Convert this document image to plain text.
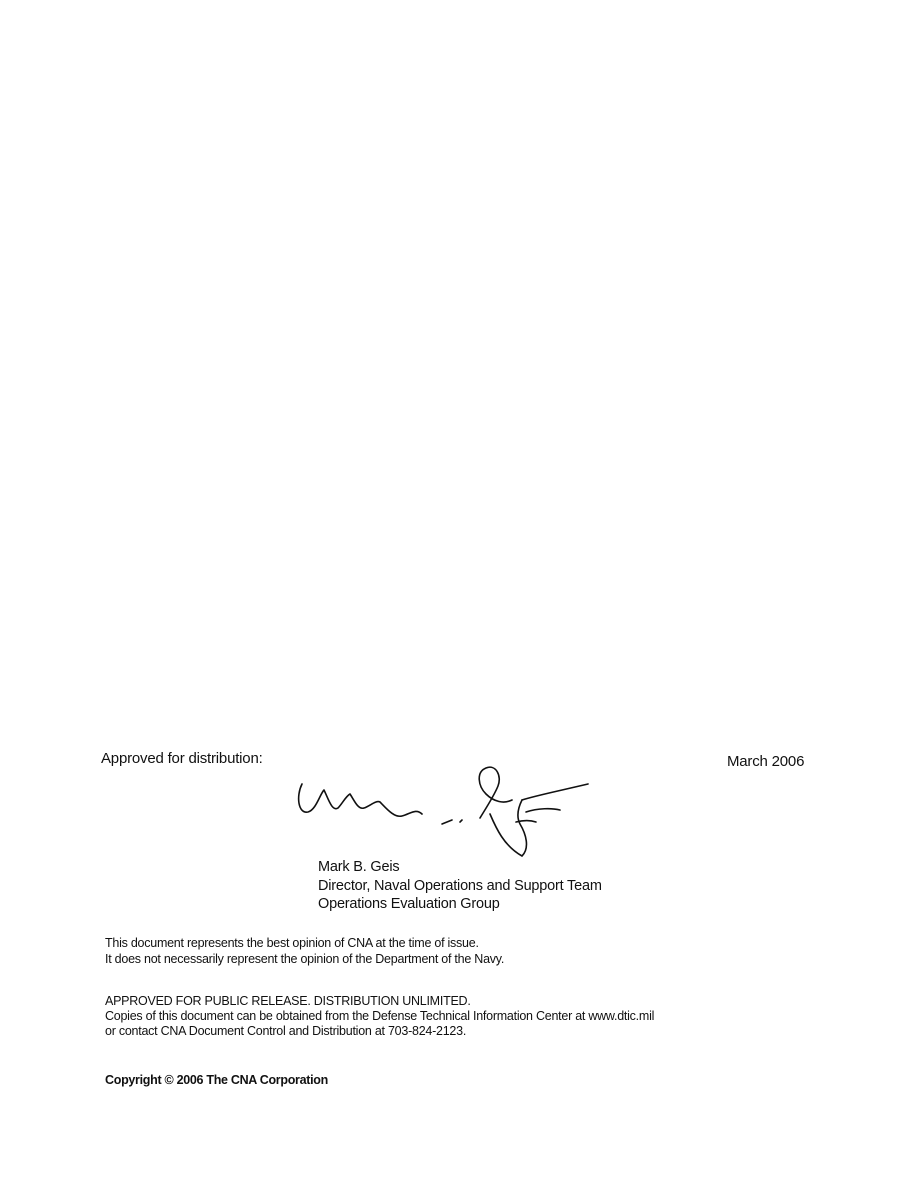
Approved for distribution:	March 2006
Mark B. Geis
Director, Naval Operations and Support Team
Operations Evaluation Group
This document represents the best opinion of CNA at the time of issue.
It does not necessarily represent the opinion of the Department of the Navy.
APPROVED FOR PUBLIC RELEASE. DISTRIBUTION UNLIMITED.
Copies of this document can be obtained from the Defense Technical Information Center at www.dtic.mil
or contact CNA Document Control and Distribution at 703-824-2123.
Copyright © 2006 The CNA Corporation
